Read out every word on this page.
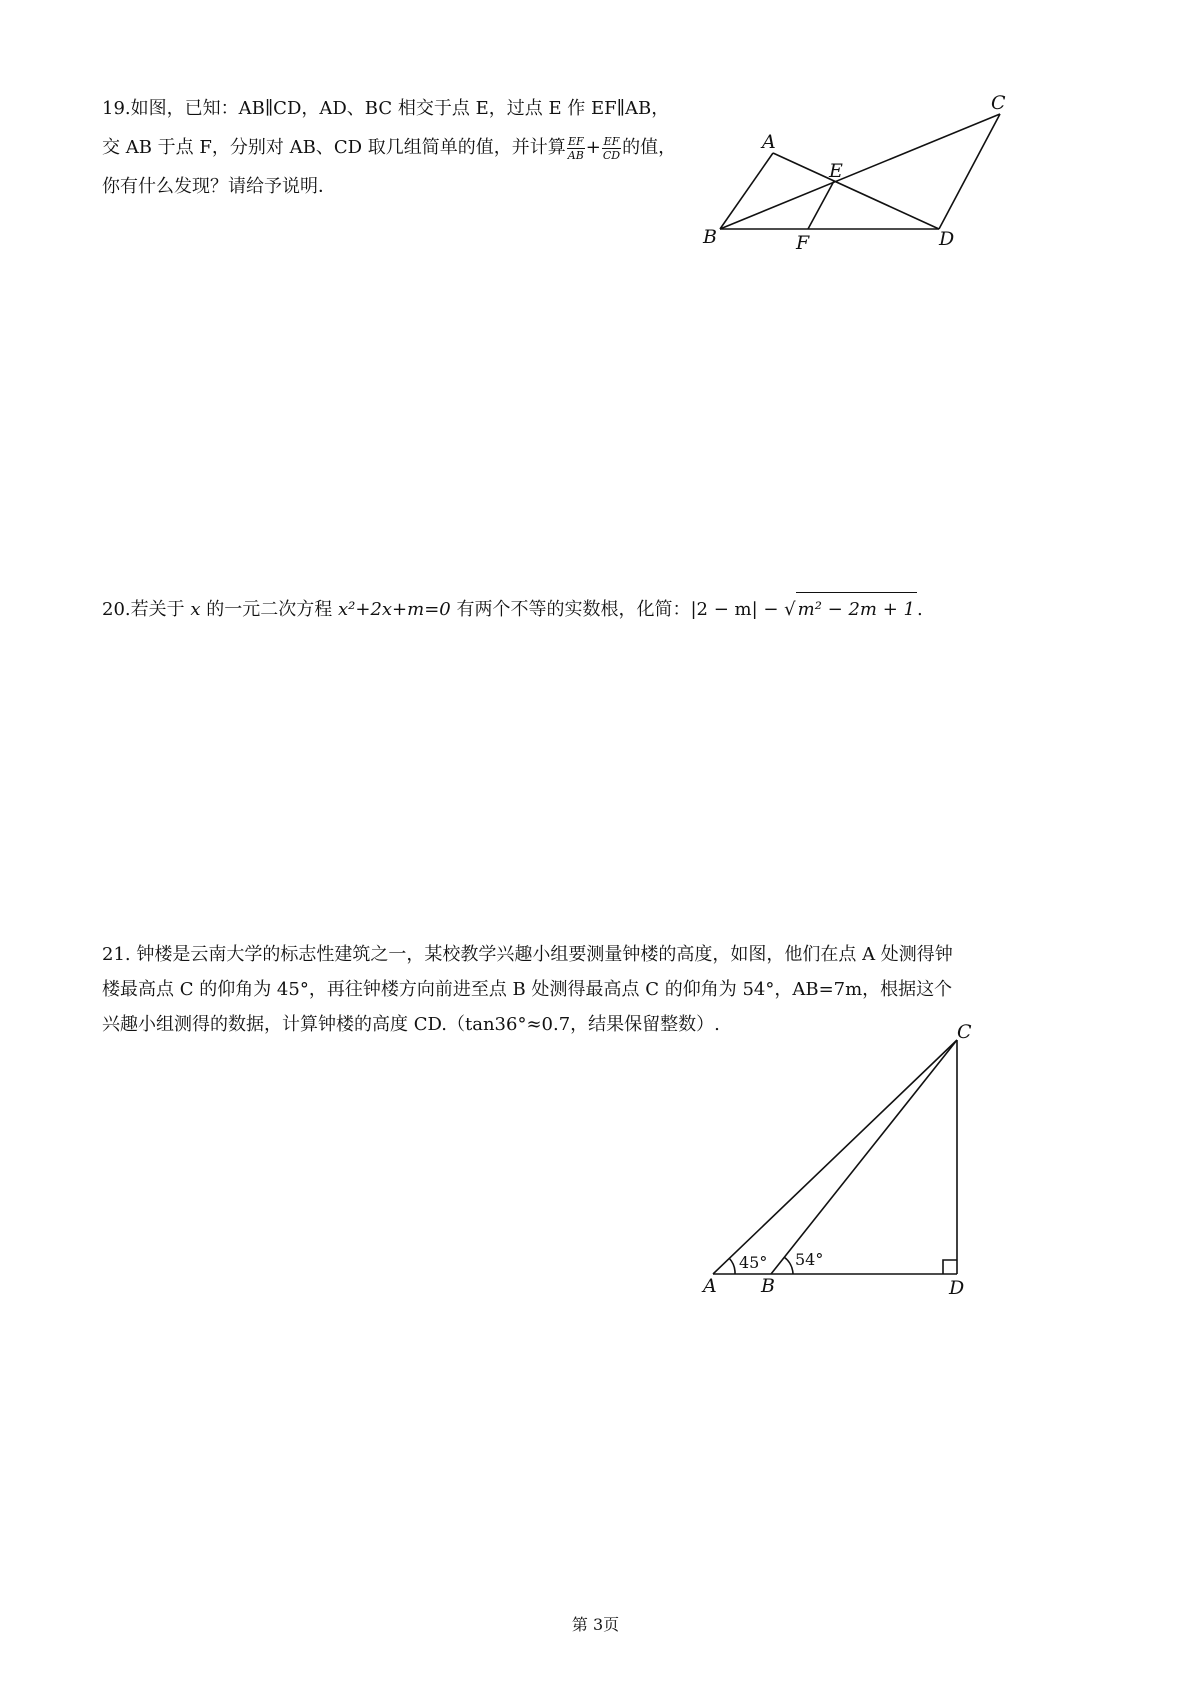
19.如图，已知：AB∥CD，AD、BC 相交于点 E，过点 E 作 EF∥AB，
交 AB 于点 F，分别对 AB、CD 取几组简单的值，并计算 $\frac{EF}{AB} + \frac{EF}{CD}$ 的值，
你有什么发现？请给予说明．
C
A
E
B	F	D
20.若关于 x 的一元二次方程 x²+2x+m=0 有两个不等的实数根，化简：|2 − m| − √ m² − 2m + 1 .
21. 钟楼是云南大学的标志性建筑之一，某校教学兴趣小组要测量钟楼的高度，如图，他们在点 A 处测得钟
楼最高点 C 的仰角为 45°，再往钟楼方向前进至点 B 处测得最高点 C 的仰角为 54°，AB=7m，根据这个
兴趣小组测得的数据，计算钟楼的高度 CD.（tan36°≈0.7，结果保留整数）.
45° 54°
C
A B	D
第 3页
